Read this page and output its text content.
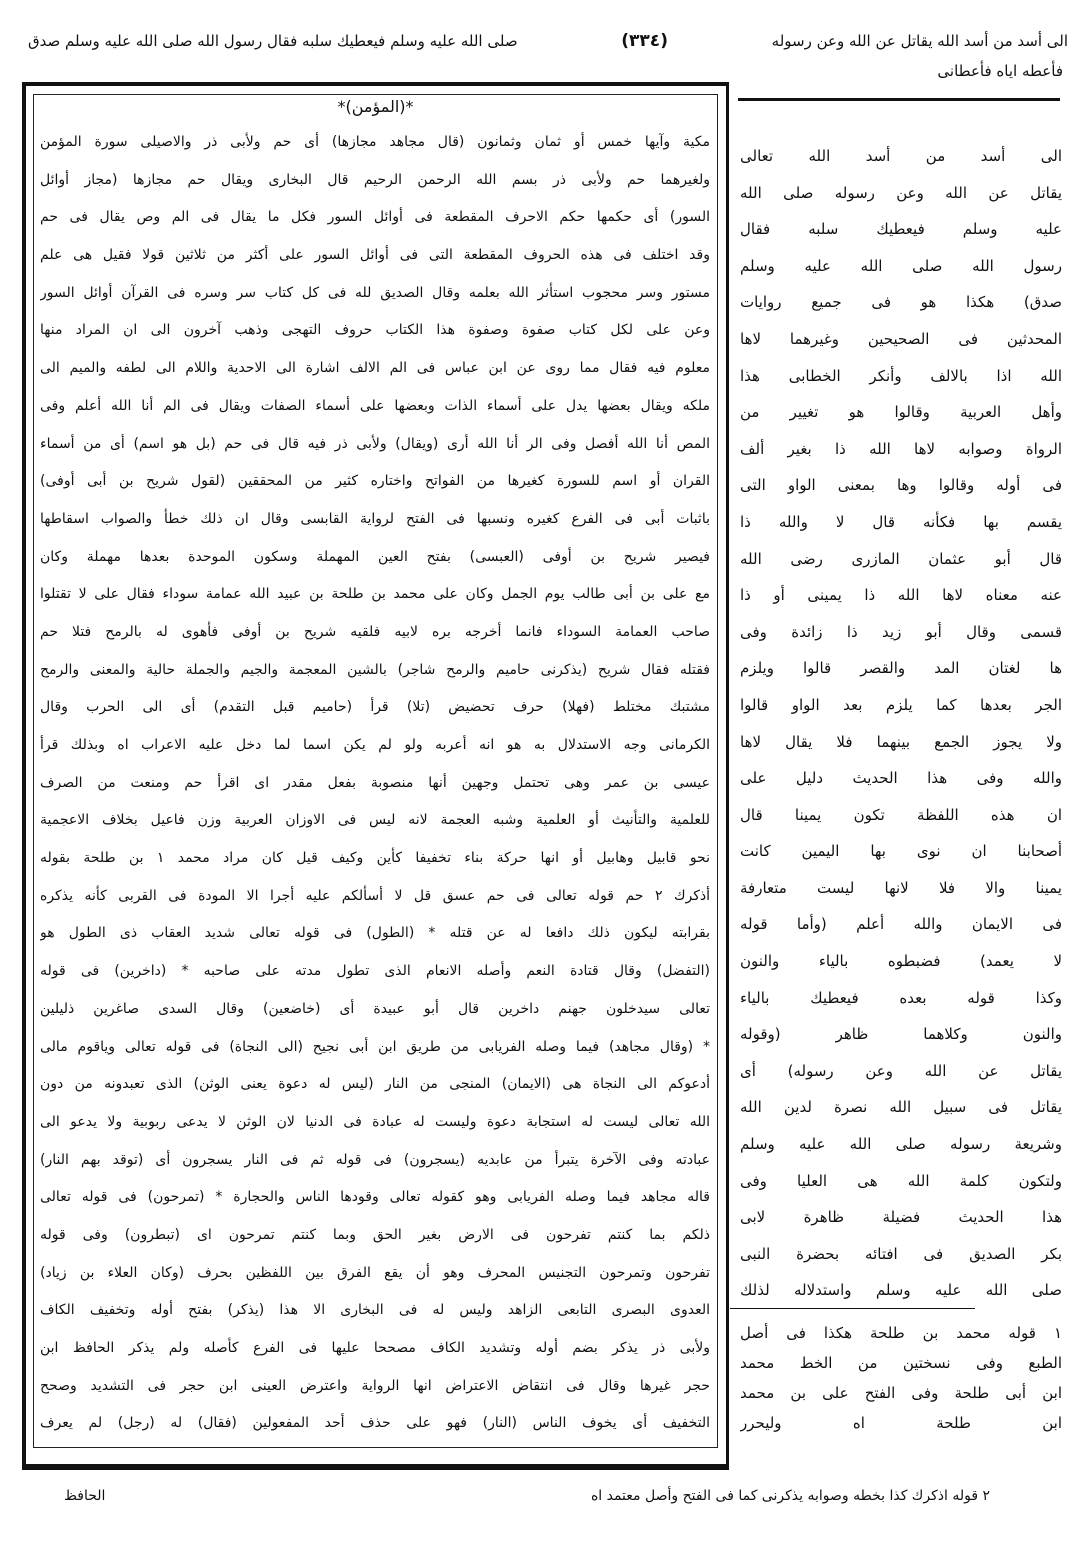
الى أسد من أسد الله يقاتل عن الله وعن رسوله
(٣٣٤)
صلى الله عليه وسلم فيعطيك سلبه فقال رسول الله صلى الله عليه وسلم صدق
فأعطه اياه فأعطانى
*(المؤمن)*
مكية وآيها خمس أو ثمان وثمانون (قال مجاهد مجازها) أى حم ولأبى ذر والاصيلى سورة المؤمن
ولغيرهما حم ولأبى ذر بسم الله الرحمن الرحيم قال البخارى ويقال حم مجازها (مجاز أوائل
السور) أى حكمها حكم الاحرف المقطعة فى أوائل السور فكل ما يقال فى الم وص يقال فى حم
وقد اختلف فى هذه الحروف المقطعة التى فى أوائل السور على أكثر من ثلاثين قولا فقيل هى علم
مستور وسر محجوب استأثر الله بعلمه وقال الصديق لله فى كل كتاب سر وسره فى القرآن أوائل السور
وعن على لكل كتاب صفوة وصفوة هذا الكتاب حروف التهجى وذهب آخرون الى ان المراد منها
معلوم فيه فقال مما روى عن ابن عباس فى الم الالف اشارة الى الاحدية واللام الى لطفه والميم الى
ملكه ويقال بعضها يدل على أسماء الذات وبعضها على أسماء الصفات ويقال فى الم أنا الله أعلم وفى
المص أنا الله أفصل وفى الر أنا الله أرى (ويقال) ولأبى ذر فيه قال فى حم (بل هو اسم) أى من أسماء
القران أو اسم للسورة كغيرها من الفواتح واختاره كثير من المحققين (لقول شريح بن أبى أوفى)
باثبات أبى فى الفرع كغيره ونسبها فى الفتح لرواية القابسى وقال ان ذلك خطأ والصواب اسقاطها
فيصير شريح بن أوفى (العبسى) بفتح العين المهملة وسكون الموحدة بعدها مهملة وكان
مع على بن أبى طالب يوم الجمل وكان على محمد بن طلحة بن عبيد الله عمامة سوداء فقال على لا تقتلوا
صاحب العمامة السوداء فانما أخرجه بره لابيه فلقيه شريح بن أوفى فأهوى له بالرمح فتلا حم
فقتله فقال شريح (يذكرنى حاميم والرمح شاجر) بالشين المعجمة والجيم والجملة حالية والمعنى والرمح
مشتبك مختلط (فهلا) حرف تحضيض (تلا) قرأ (حاميم قبل التقدم) أى الى الحرب وقال
الكرمانى وجه الاستدلال به هو انه أعربه ولو لم يكن اسما لما دخل عليه الاعراب اه وبذلك قرأ
عيسى بن عمر وهى تحتمل وجهين أنها منصوبة بفعل مقدر اى اقرأ حم ومنعت من الصرف
للعلمية والتأنيث أو العلمية وشبه العجمة لانه ليس فى الاوزان العربية وزن فاعيل بخلاف الاعجمية
نحو قابيل وهابيل أو انها حركة بناء تخفيفا كأين وكيف قيل كان مراد محمد ١ بن طلحة بقوله
أذكرك ٢ حم قوله تعالى فى حم عسق قل لا أسألكم عليه أجرا الا المودة فى القربى كأنه يذكره
بقرابته ليكون ذلك دافعا له عن قتله * (الطول) فى قوله تعالى شديد العقاب ذى الطول هو
(التفضل) وقال قتادة النعم وأصله الانعام الذى تطول مدته على صاحبه * (داخرين) فى قوله
تعالى سيدخلون جهنم داخرين قال أبو عبيدة أى (خاضعين) وقال السدى صاغرين ذليلين
* (وقال مجاهد) فيما وصله الفريابى من طريق ابن أبى نجيح (الى النجاة) فى قوله تعالى وياقوم مالى
أدعوكم الى النجاة هى (الايمان) المنجى من النار (ليس له دعوة يعنى الوثن) الذى تعبدونه من دون
الله تعالى ليست له استجابة دعوة وليست له عبادة فى الدنيا لان الوثن لا يدعى ربوبية ولا يدعو الى
عبادته وفى الآخرة يتبرأ من عابديه (يسجرون) فى قوله ثم فى النار يسجرون أى (توقد بهم النار)
قاله مجاهد فيما وصله الفريابى وهو كقوله تعالى وقودها الناس والحجارة * (تمرحون) فى قوله تعالى
ذلكم بما كنتم تفرحون فى الارض بغير الحق وبما كنتم تمرحون اى (تبطرون) وفى قوله
تفرحون وتمرحون التجنيس المحرف وهو أن يقع الفرق بين اللفظين بحرف (وكان العلاء بن زياد)
العدوى البصرى التابعى الزاهد وليس له فى البخارى الا هذا (يذكر) بفتح أوله وتخفيف الكاف
ولأبى ذر يذكر بضم أوله وتشديد الكاف مصححا عليها فى الفرع كأصله ولم يذكر الحافظ ابن
حجر غيرها وقال فى انتقاض الاعتراض انها الرواية واعترض العينى ابن حجر فى التشديد وصحح
التخفيف أى يخوف الناس (النار) فهو على حذف أحد المفعولين (فقال) له (رجل) لم يعرف
الى أسد من أسد الله تعالى
يقاتل عن الله وعن رسوله صلى الله
عليه وسلم فيعطيك سلبه فقال
رسول الله صلى الله عليه وسلم
صدق) هكذا هو فى جميع روايات
المحدثين فى الصحيحين وغيرهما لاها
الله اذا بالالف وأنكر الخطابى هذا
وأهل العربية وقالوا هو تغيير من
الرواة وصوابه لاها الله ذا بغير ألف
فى أوله وقالوا وها بمعنى الواو التى
يقسم بها فكأنه قال لا والله ذا
قال أبو عثمان المازرى رضى الله
عنه معناه لاها الله ذا يمينى أو ذا
قسمى وقال أبو زيد ذا زائدة وفى
ها لغتان المد والقصر قالوا ويلزم
الجر بعدها كما يلزم بعد الواو قالوا
ولا يجوز الجمع بينهما فلا يقال لاها
والله وفى هذا الحديث دليل على
ان هذه اللفظة تكون يمينا قال
أصحابنا ان نوى بها اليمين كانت
يمينا والا فلا لانها ليست متعارفة
فى الايمان والله أعلم (وأما قوله
لا يعمد) فضبطوه بالياء والنون
وكذا قوله بعده فيعطيك بالياء
والنون وكلاهما ظاهر (وقوله
يقاتل عن الله وعن رسوله) أى
يقاتل فى سبيل الله نصرة لدين الله
وشريعة رسوله صلى الله عليه وسلم
ولتكون كلمة الله هى العليا وفى
هذا الحديث فضيلة ظاهرة لابى
بكر الصديق فى افتائه بحضرة النبى
صلى الله عليه وسلم واستدلاله لذلك
١ قوله محمد بن طلحة هكذا فى أصل
الطبع وفى نسختين من الخط محمد
ابن أبى طلحة وفى الفتح على بن محمد
ابن طلحة اه وليحرر
٢ قوله اذكرك كذا بخطه وصوابه يذكرنى كما فى الفتح وأصل معتمد اه
الحافظ
